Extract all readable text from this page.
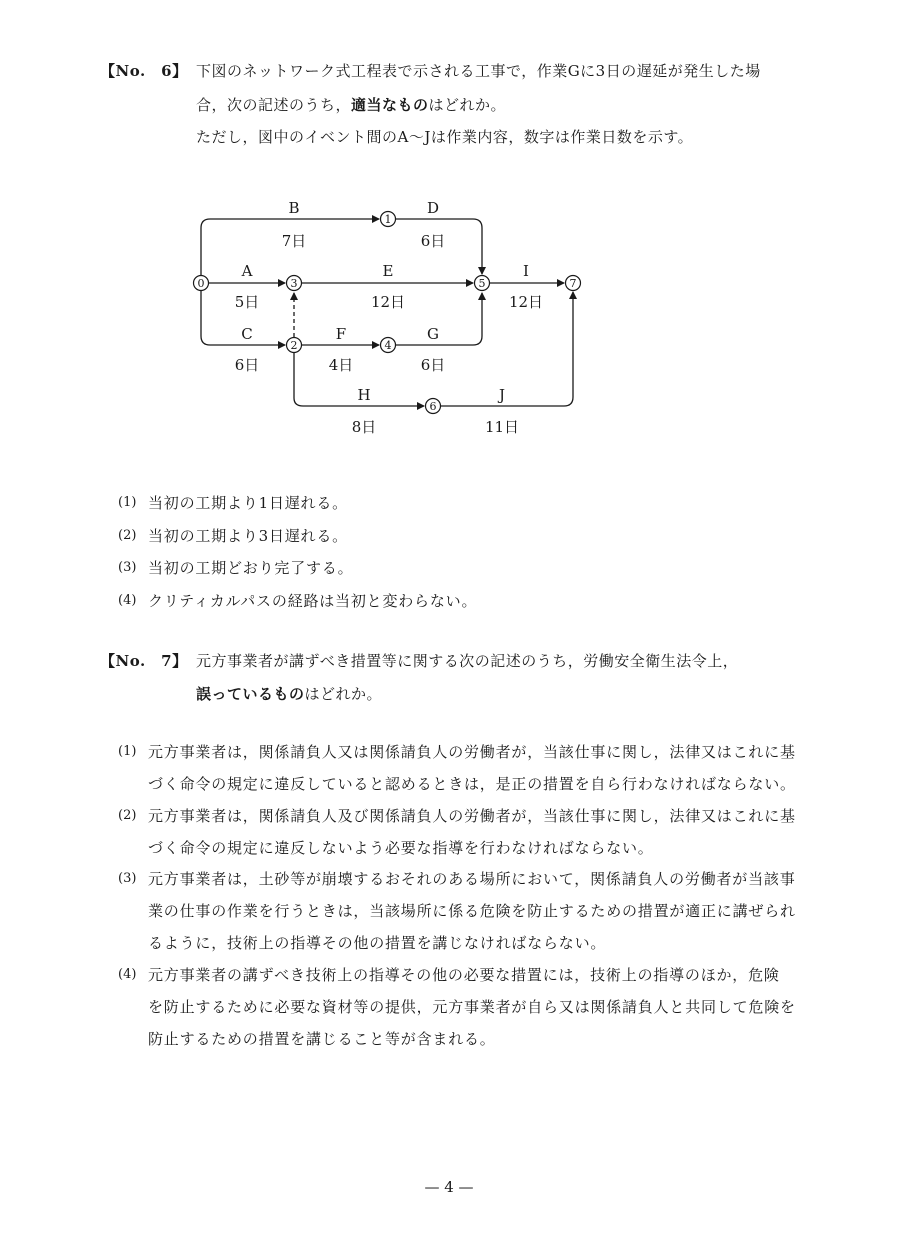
【No.　6】 下図のネットワーク式工程表で示される工事で，作業Gに3日の遅延が発生した場
合，次の記述のうち，適当なものはどれか。
ただし，図中のイベント間のA～Jは作業内容，数字は作業日数を示す。
0
1
2
3
4
5
6
7
B
7日
D
6日
A
5日
E
12日
I
12日
C
6日
F
4日
G
6日
H
8日
J
11日
(1) 当初の工期より1日遅れる。
(2) 当初の工期より3日遅れる。
(3) 当初の工期どおり完了する。
(4) クリティカルパスの経路は当初と変わらない。
【No.　7】 元方事業者が講ずべき措置等に関する次の記述のうち，労働安全衛生法令上，
誤っているものはどれか。
(1) 元方事業者は，関係請負人又は関係請負人の労働者が，当該仕事に関し，法律又はこれに基
づく命令の規定に違反していると認めるときは，是正の措置を自ら行わなければならない。
(2) 元方事業者は，関係請負人及び関係請負人の労働者が，当該仕事に関し，法律又はこれに基
づく命令の規定に違反しないよう必要な指導を行わなければならない。
(3) 元方事業者は，土砂等が崩壊するおそれのある場所において，関係請負人の労働者が当該事
業の仕事の作業を行うときは，当該場所に係る危険を防止するための措置が適正に講ぜられ
るように，技術上の指導その他の措置を講じなければならない。
(4) 元方事業者の講ずべき技術上の指導その他の必要な措置には，技術上の指導のほか，危険
を防止するために必要な資材等の提供，元方事業者が自ら又は関係請負人と共同して危険を
防止するための措置を講じること等が含まれる。
— 4 —
